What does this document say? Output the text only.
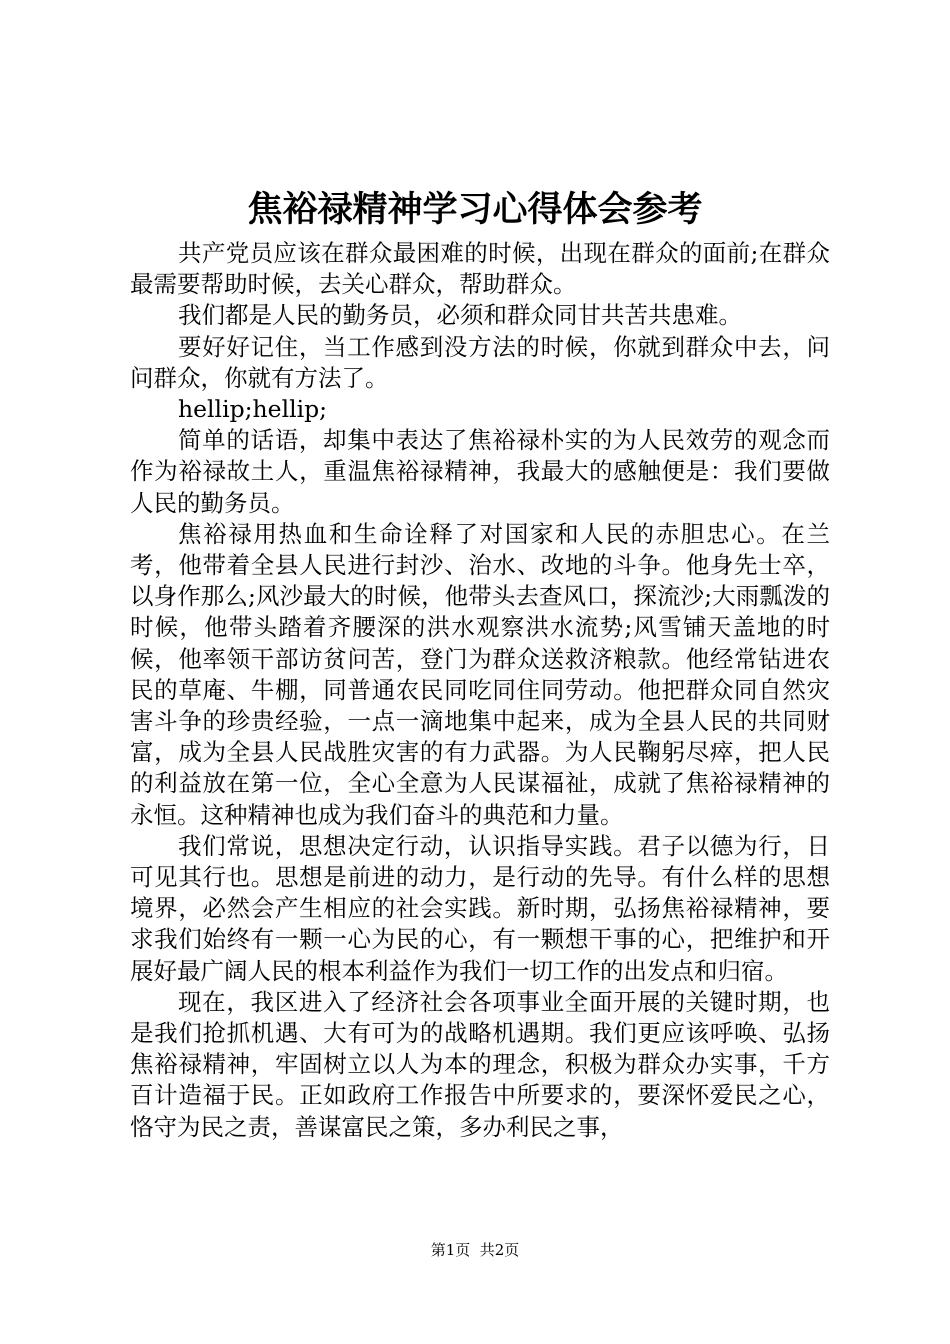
焦裕禄精神学习心得体会参考

共产党员应该在群众最困难的时候，出现在群众的面前;在群众最需要帮助时候，去关心群众，帮助群众。

我们都是人民的勤务员，必须和群众同甘共苦共患难。

要好好记住，当工作感到没方法的时候，你就到群众中去，问问群众，你就有方法了。

hellip;hellip;

简单的话语，却集中表达了焦裕禄朴实的为人民效劳的观念而作为裕禄故土人，重温焦裕禄精神，我最大的感触便是：我们要做人民的勤务员。

焦裕禄用热血和生命诠释了对国家和人民的赤胆忠心。在兰考，他带着全县人民进行封沙、治水、改地的斗争。他身先士卒，以身作那么;风沙最大的时候，他带头去查风口，探流沙;大雨瓢泼的时候，他带头踏着齐腰深的洪水观察洪水流势;风雪铺天盖地的时候，他率领干部访贫问苦，登门为群众送救济粮款。他经常钻进农民的草庵、牛棚，同普通农民同吃同住同劳动。他把群众同自然灾害斗争的珍贵经验，一点一滴地集中起来，成为全县人民的共同财富，成为全县人民战胜灾害的有力武器。为人民鞠躬尽瘁，把人民的利益放在第一位，全心全意为人民谋福祉，成就了焦裕禄精神的永恒。这种精神也成为我们奋斗的典范和力量。

我们常说，思想决定行动，认识指导实践。君子以德为行，日可见其行也。思想是前进的动力，是行动的先导。有什么样的思想境界，必然会产生相应的社会实践。新时期，弘扬焦裕禄精神，要求我们始终有一颗一心为民的心，有一颗想干事的心，把维护和开展好最广阔人民的根本利益作为我们一切工作的出发点和归宿。

现在，我区进入了经济社会各项事业全面开展的关键时期，也是我们抢抓机遇、大有可为的战略机遇期。我们更应该呼唤、弘扬焦裕禄精神，牢固树立以人为本的理念，积极为群众办实事，千方百计造福于民。正如政府工作报告中所要求的，要深怀爱民之心，恪守为民之责，善谋富民之策，多办利民之事，

第1页  共2页
